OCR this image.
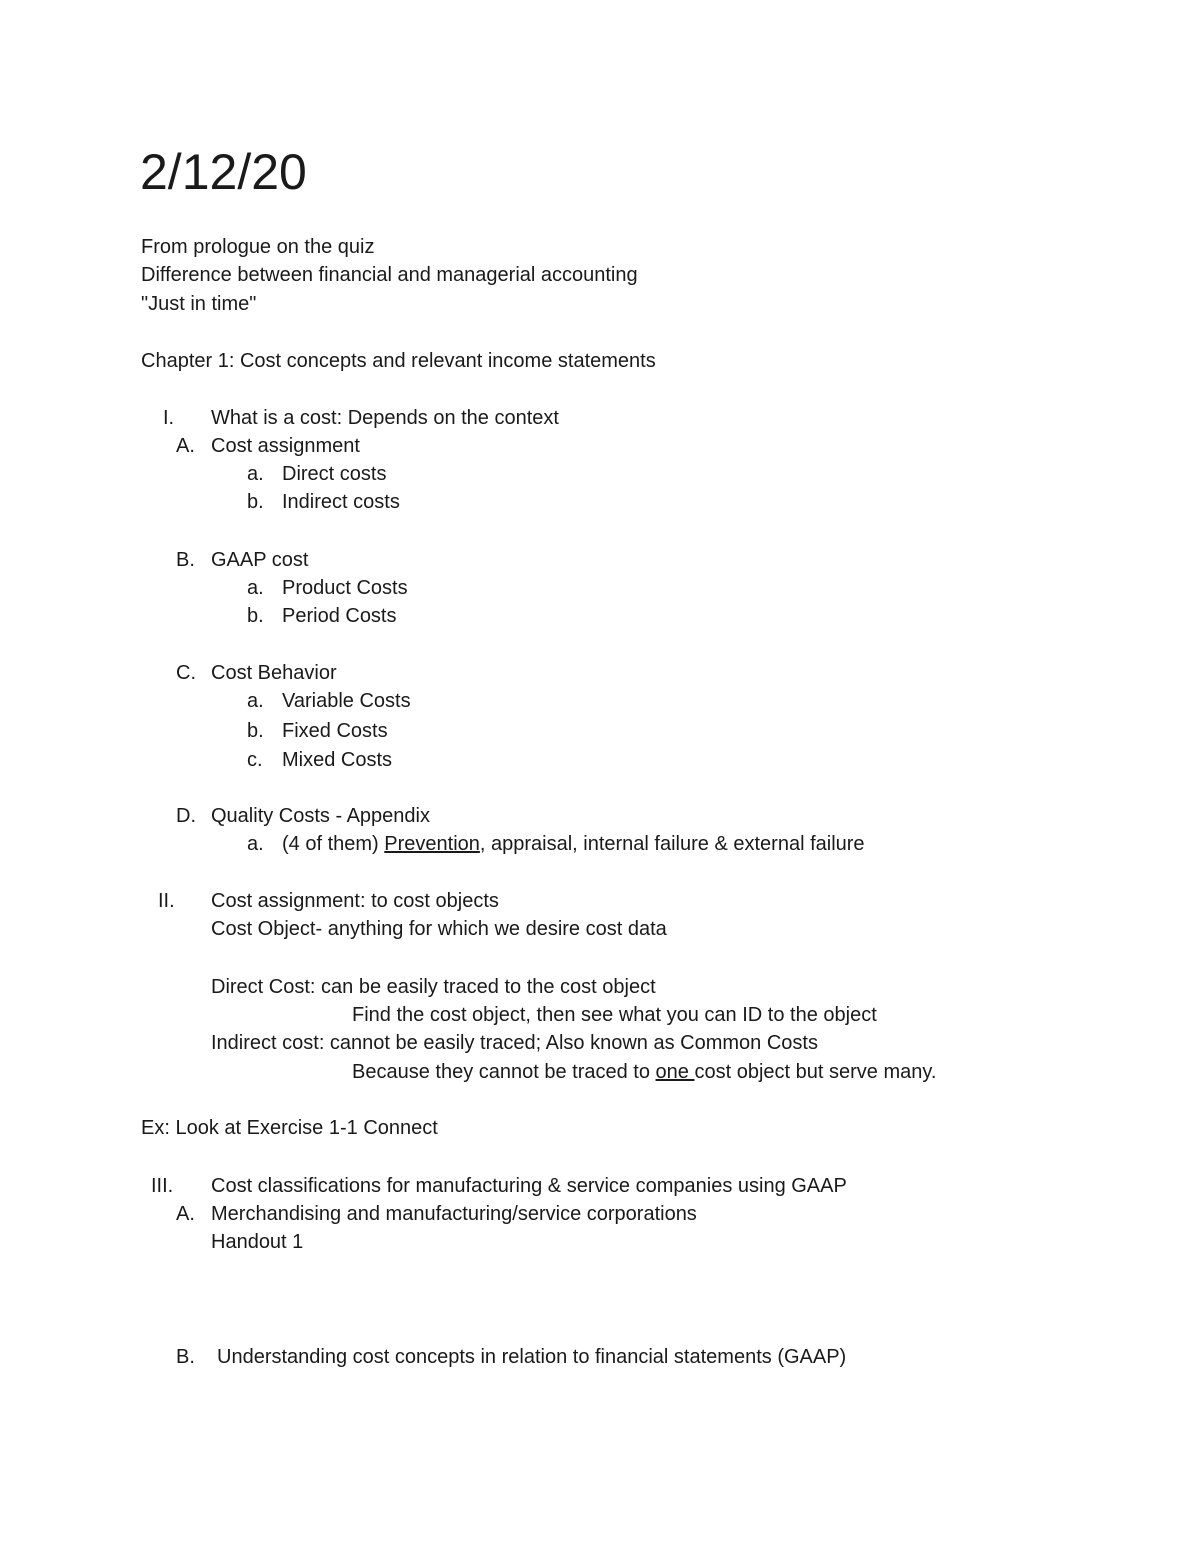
2/12/20
From prologue on the quiz
Difference between financial and managerial accounting
"Just in time"
Chapter 1: Cost concepts and relevant income statements
I. What is a cost: Depends on the context
A. Cost assignment
a. Direct costs
b. Indirect costs
B. GAAP cost
a. Product Costs
b. Period Costs
C. Cost Behavior
a. Variable Costs
b. Fixed Costs
c. Mixed Costs
D. Quality Costs - Appendix
a. (4 of them) Prevention, appraisal, internal failure & external failure
II. Cost assignment: to cost objects
Cost Object- anything for which we desire cost data
Direct Cost: can be easily traced to the cost object
Find the cost object, then see what you can ID to the object
Indirect cost: cannot be easily traced; Also known as Common Costs
Because they cannot be traced to one cost object but serve many.
Ex: Look at Exercise 1-1 Connect
III. Cost classifications for manufacturing & service companies using GAAP
A. Merchandising and manufacturing/service corporations
Handout 1
B. Understanding cost concepts in relation to financial statements (GAAP)
